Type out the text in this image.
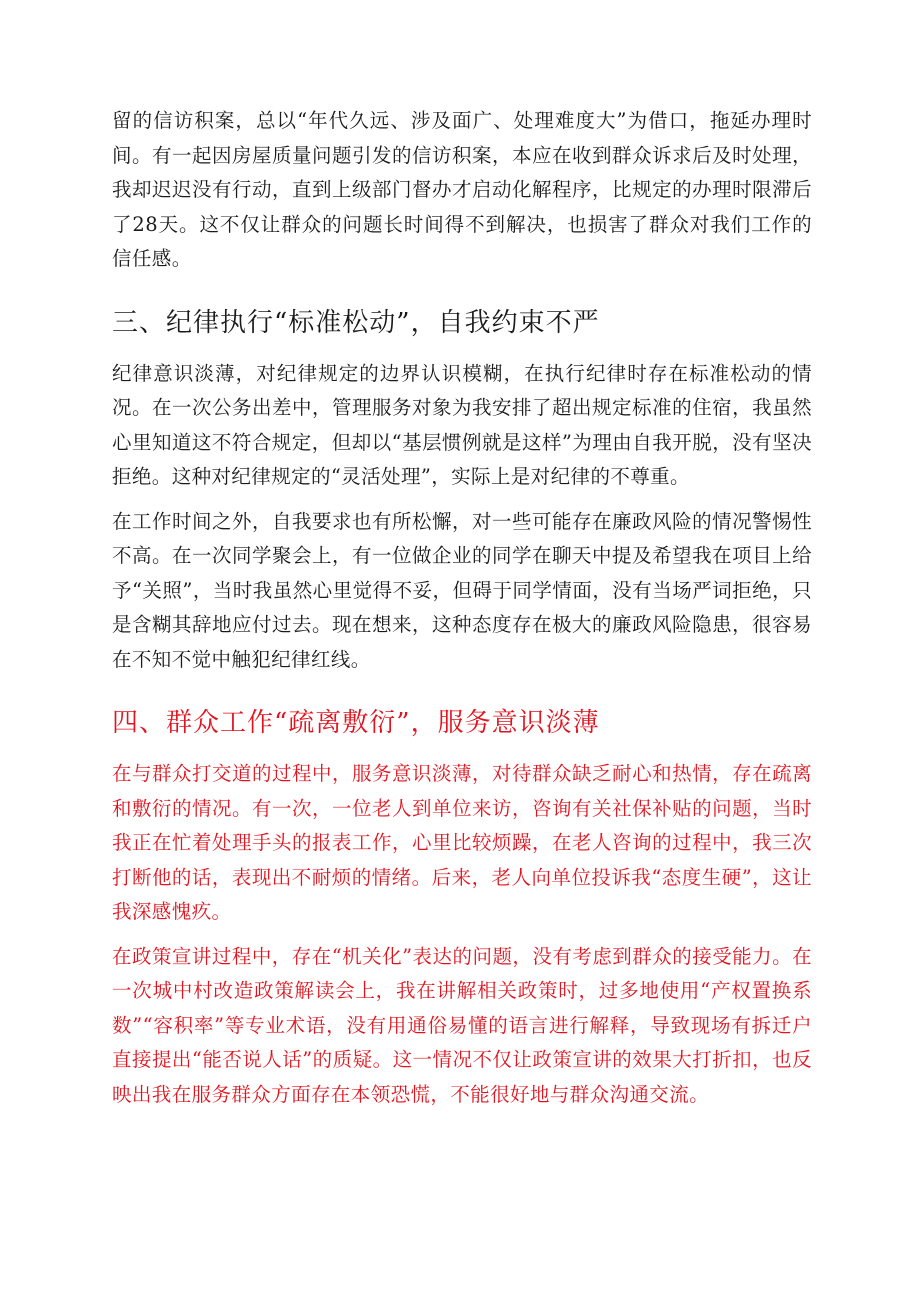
留的信访积案，总以“年代久远、涉及面广、处理难度大”为借口，拖延办理时间。有一起因房屋质量问题引发的信访积案，本应在收到群众诉求后及时处理，我却迟迟没有行动，直到上级部门督办才启动化解程序，比规定的办理时限滞后了28天。这不仅让群众的问题长时间得不到解决，也损害了群众对我们工作的信任感。

三、纪律执行“标准松动”，自我约束不严

纪律意识淡薄，对纪律规定的边界认识模糊，在执行纪律时存在标准松动的情况。在一次公务出差中，管理服务对象为我安排了超出规定标准的住宿，我虽然心里知道这不符合规定，但却以“基层惯例就是这样”为理由自我开脱，没有坚决拒绝。这种对纪律规定的“灵活处理”，实际上是对纪律的不尊重。

在工作时间之外，自我要求也有所松懈，对一些可能存在廉政风险的情况警惕性不高。在一次同学聚会上，有一位做企业的同学在聊天中提及希望我在项目上给予“关照”，当时我虽然心里觉得不妥，但碍于同学情面，没有当场严词拒绝，只是含糊其辞地应付过去。现在想来，这种态度存在极大的廉政风险隐患，很容易在不知不觉中触犯纪律红线。

四、群众工作“疏离敷衍”，服务意识淡薄

在与群众打交道的过程中，服务意识淡薄，对待群众缺乏耐心和热情，存在疏离和敷衍的情况。有一次，一位老人到单位来访，咨询有关社保补贴的问题，当时我正在忙着处理手头的报表工作，心里比较烦躁，在老人咨询的过程中，我三次打断他的话，表现出不耐烦的情绪。后来，老人向单位投诉我“态度生硬”，这让我深感愧疚。

在政策宣讲过程中，存在“机关化”表达的问题，没有考虑到群众的接受能力。在一次城中村改造政策解读会上，我在讲解相关政策时，过多地使用“产权置换系数”“容积率”等专业术语，没有用通俗易懂的语言进行解释，导致现场有拆迁户直接提出“能否说人话”的质疑。这一情况不仅让政策宣讲的效果大打折扣，也反映出我在服务群众方面存在本领恐慌，不能很好地与群众沟通交流。
